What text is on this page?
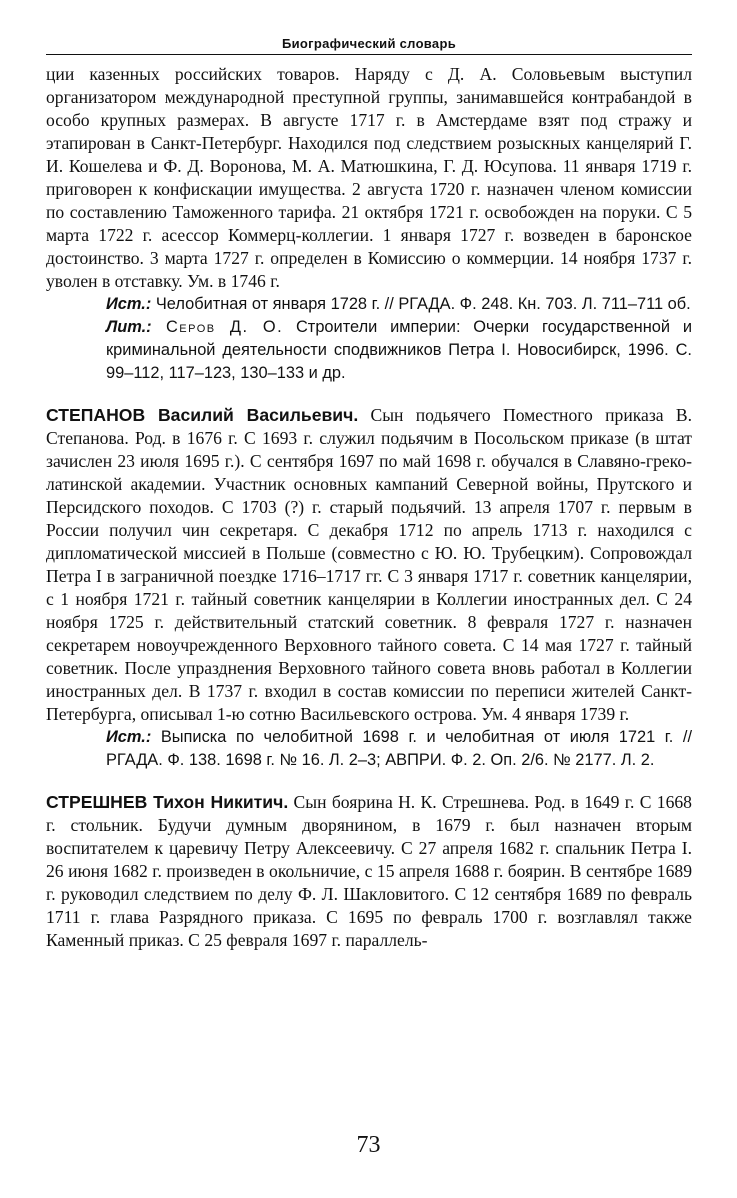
Биографический словарь

ции казенных российских товаров. Наряду с Д. А. Соловьевым выступил организатором международной преступной группы, занимавшейся контрабандой в особо крупных размерах. В августе 1717 г. в Амстердаме взят под стражу и этапирован в Санкт-Петербург. Находился под следствием розыскных канцелярий Г. И. Кошелева и Ф. Д. Воронова, М. А. Матюшкина, Г. Д. Юсупова. 11 января 1719 г. приговорен к конфискации имущества. 2 августа 1720 г. назначен членом комиссии по составлению Таможенного тарифа. 21 октября 1721 г. освобожден на поруки. С 5 марта 1722 г. асессор Коммерц-коллегии. 1 января 1727 г. возведен в баронское достоинство. 3 марта 1727 г. определен в Комиссию о коммерции. 14 ноября 1737 г. уволен в отставку. Ум. в 1746 г.

Ист.: Челобитная от января 1728 г. // РГАДА. Ф. 248. Кн. 703. Л. 711–711 об.
Лит.: Серов Д. О. Строители империи: Очерки государственной и криминальной деятельности сподвижников Петра I. Новосибирск, 1996. С. 99–112, 117–123, 130–133 и др.

СТЕПАНОВ Василий Васильевич. Сын подьячего Поместного приказа В. Степанова. Род. в 1676 г. С 1693 г. служил подьячим в Посольском приказе (в штат зачислен 23 июля 1695 г.). С сентября 1697 по май 1698 г. обучался в Славяно-греко-латинской академии. Участник основных кампаний Северной войны, Прутского и Персидского походов. С 1703 (?) г. старый подьячий. 13 апреля 1707 г. первым в России получил чин секретаря. С декабря 1712 по апрель 1713 г. находился с дипломатической миссией в Польше (совместно с Ю. Ю. Трубецким). Сопровождал Петра I в заграничной поездке 1716–1717 гг. С 3 января 1717 г. советник канцелярии, с 1 ноября 1721 г. тайный советник канцелярии в Коллегии иностранных дел. С 24 ноября 1725 г. действительный статский советник. 8 февраля 1727 г. назначен секретарем новоучрежденного Верховного тайного совета. С 14 мая 1727 г. тайный советник. После упразднения Верховного тайного совета вновь работал в Коллегии иностранных дел. В 1737 г. входил в состав комиссии по переписи жителей Санкт-Петербурга, описывал 1-ю сотню Васильевского острова. Ум. 4 января 1739 г.

Ист.: Выписка по челобитной 1698 г. и челобитная от июля 1721 г. // РГАДА. Ф. 138. 1698 г. № 16. Л. 2–3; АВПРИ. Ф. 2. Оп. 2/6. № 2177. Л. 2.

СТРЕШНЕВ Тихон Никитич. Сын боярина Н. К. Стрешнева. Род. в 1649 г. С 1668 г. стольник. Будучи думным дворянином, в 1679 г. был назначен вторым воспитателем к царевичу Петру Алексеевичу. С 27 апреля 1682 г. спальник Петра I. 26 июня 1682 г. произведен в окольничие, с 15 апреля 1688 г. боярин. В сентябре 1689 г. руководил следствием по делу Ф. Л. Шакловитого. С 12 сентября 1689 по февраль 1711 г. глава Разрядного приказа. С 1695 по февраль 1700 г. возглавлял также Каменный приказ. С 25 февраля 1697 г. параллель-

73
